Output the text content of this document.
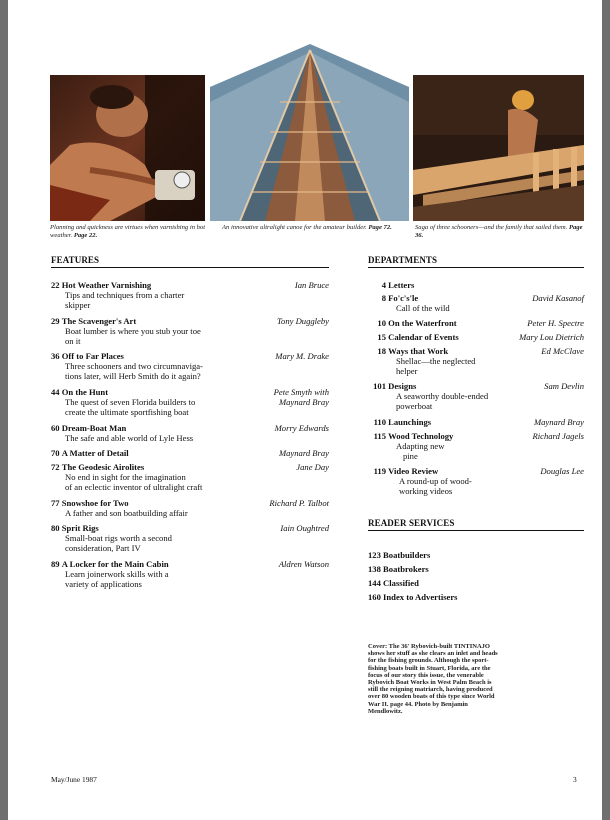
Planning and quickness are virtues when varnishing in hot weather. Page 22.
An innovative ultralight canoe for the amateur builder. Page 72.	Saga of three schooners—and the family that sailed them. Page 36.
FEATURES	DEPARTMENTS
22 Hot Weather Varnishing	Ian Bruce
Tips and techniques from a charter
skipper
29 The Scavenger's Art	Tony Duggleby
Boat lumber is where you stub your toe
on it
36 Off to Far Places	Mary M. Drake
Three schooners and two circumnaviga-
tions later, will Herb Smith do it again?
44 On the Hunt	Pete Smyth with
Maynard Bray
The quest of seven Florida builders to
create the ultimate sportfishing boat
60 Dream-Boat Man	Morry Edwards
The safe and able world of Lyle Hess
70 A Matter of Detail	Maynard Bray
72 The Geodesic Airolites	Jane Day
No end in sight for the imagination
of an eclectic inventor of ultralight craft
77 Snowshoe for Two	Richard P. Talbot
A father and son boatbuilding affair
80 Sprit Rigs	Iain Oughtred
Small-boat rigs worth a second
consideration, Part IV
89 A Locker for the Main Cabin	Aldren Watson
Learn joinerwork skills with a
variety of applications
4 Letters
8 Fo'c's'le	David Kasanof
Call of the wild
10 On the Waterfront	Peter H. Spectre
15 Calendar of Events	Mary Lou Dietrich
18 Ways that Work	Ed McClave
Shellac—the neglected
helper
101 Designs	Sam Devlin
A seaworthy double-ended
powerboat
110 Launchings	Maynard Bray
115 Wood Technology	Richard Jagels
Adapting new
pine
119 Video Review	Douglas Lee
A round-up of wood-
working videos
READER SERVICES
123 Boatbuilders
138 Boatbrokers
144 Classified
160 Index to Advertisers
Cover: The 36' Rybovich-built TINTINAJO
shows her stuff as she clears an inlet and heads
for the fishing grounds. Although the sport-
fishing boats built in Stuart, Florida, are the
focus of our story this issue, the venerable
Rybovich Boat Works in West Palm Beach is
still the reigning matriarch, having produced
over 80 wooden boats of this type since World
War II. page 44. Photo by Benjamin
Mendlowitz.
May/June 1987	3
